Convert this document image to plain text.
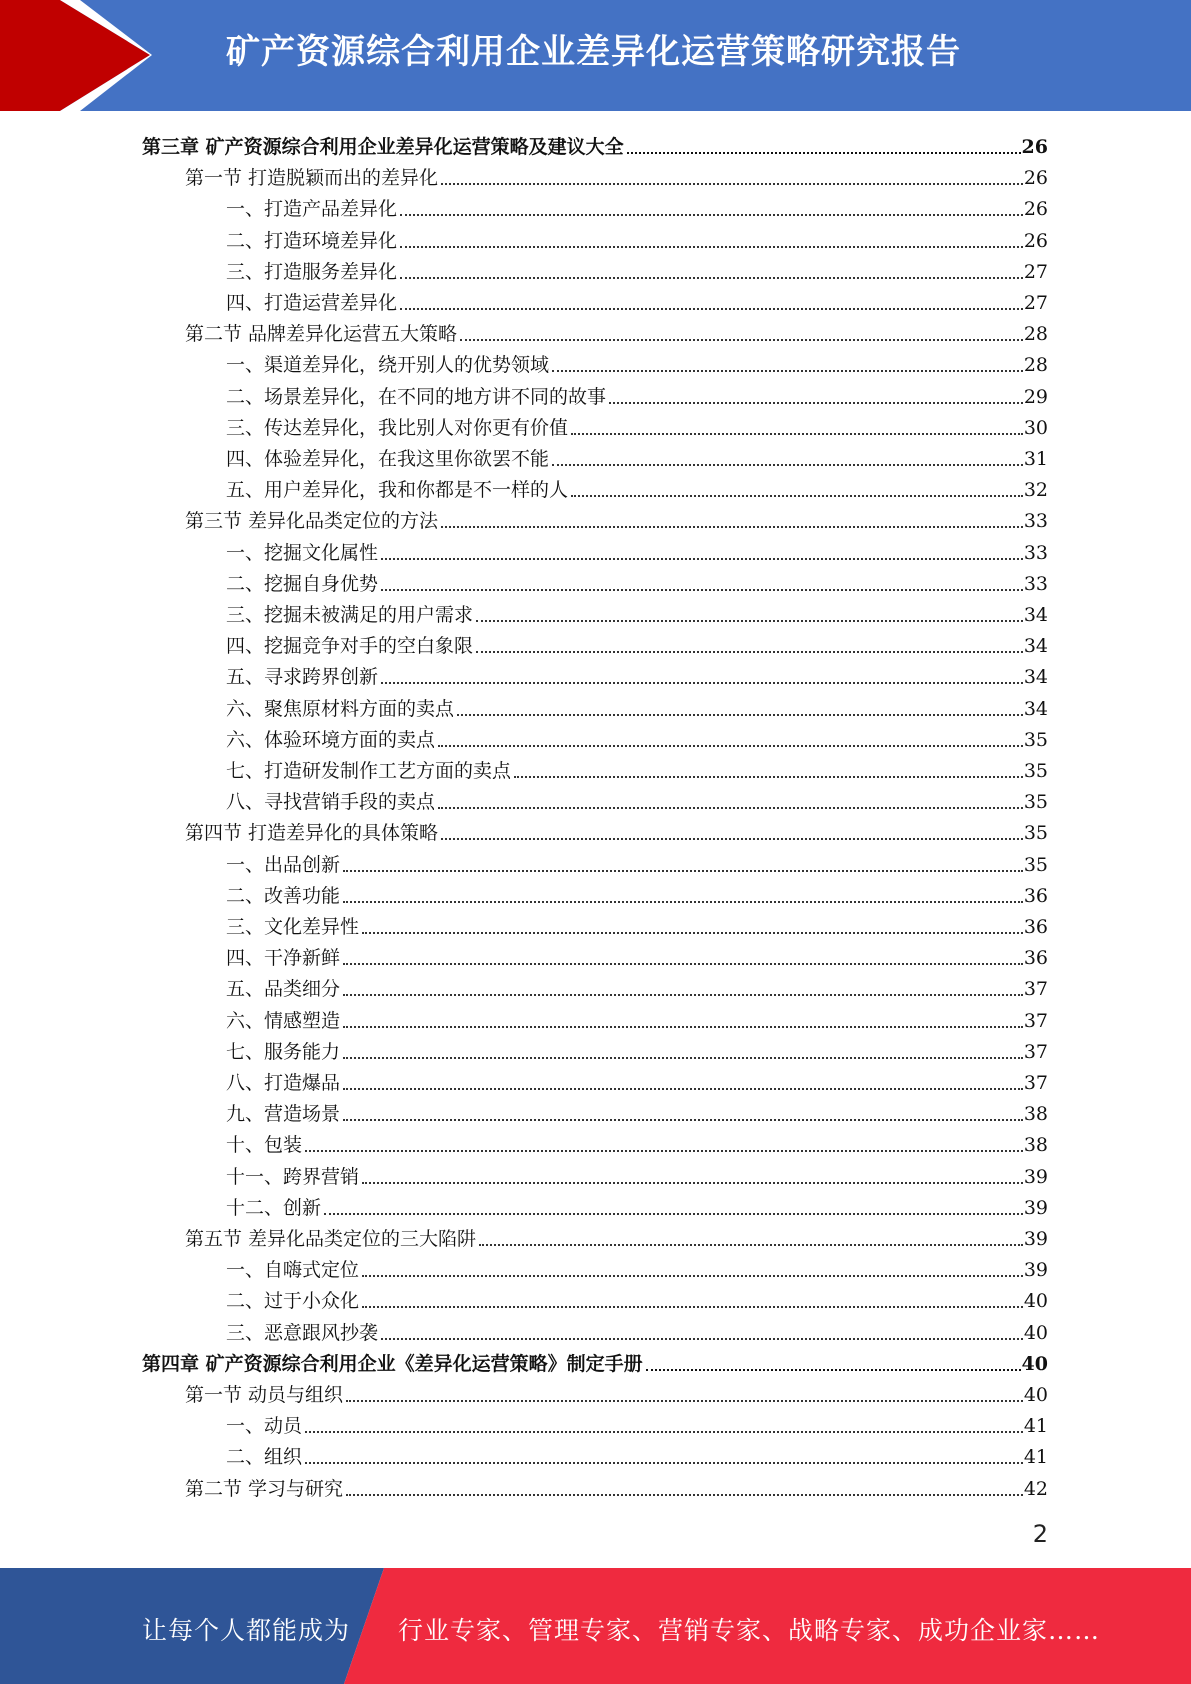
矿产资源综合利用企业差异化运营策略研究报告
第三章 矿产资源综合利用企业差异化运营策略及建议大全	26
第一节 打造脱颖而出的差异化	26
一、打造产品差异化	26
二、打造环境差异化	26
三、打造服务差异化	27
四、打造运营差异化	27
第二节 品牌差异化运营五大策略	28
一、渠道差异化，绕开别人的优势领域	28
二、场景差异化，在不同的地方讲不同的故事	29
三、传达差异化，我比别人对你更有价值	30
四、体验差异化，在我这里你欲罢不能	31
五、用户差异化，我和你都是不一样的人	32
第三节 差异化品类定位的方法	33
一、挖掘文化属性	33
二、挖掘自身优势	33
三、挖掘未被满足的用户需求	34
四、挖掘竞争对手的空白象限	34
五、寻求跨界创新	34
六、聚焦原材料方面的卖点	34
六、体验环境方面的卖点	35
七、打造研发制作工艺方面的卖点	35
八、寻找营销手段的卖点	35
第四节 打造差异化的具体策略	35
一、出品创新	35
二、改善功能	36
三、文化差异性	36
四、干净新鲜	36
五、品类细分	37
六、情感塑造	37
七、服务能力	37
八、打造爆品	37
九、营造场景	38
十、包装	38
十一、跨界营销	39
十二、创新	39
第五节 差异化品类定位的三大陷阱	39
一、自嗨式定位	39
二、过于小众化	40
三、恶意跟风抄袭	40
第四章 矿产资源综合利用企业《差异化运营策略》制定手册	40
第一节 动员与组织	40
一、动员	41
二、组织	41
第二节 学习与研究	42
2
让每个人都能成为 行业专家、管理专家、营销专家、战略专家、成功企业家……
